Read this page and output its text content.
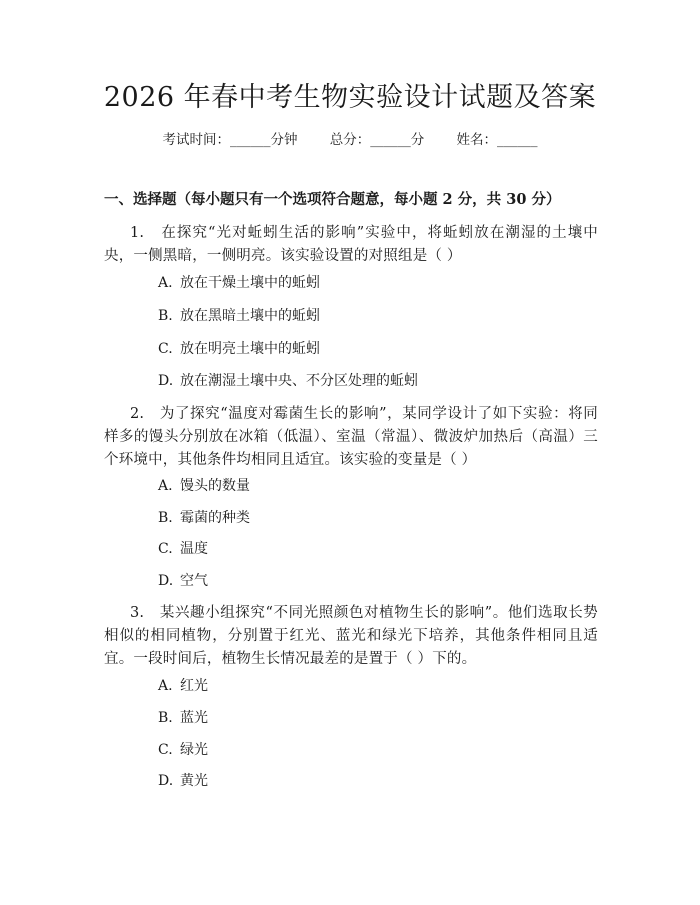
2026 年春中考生物实验设计试题及答案
考试时间：______分钟 总分：______分 姓名：______
一、选择题（每小题只有一个选项符合题意，每小题 2 分，共 30 分）
1. 在探究“光对蚯蚓生活的影响”实验中，将蚯蚓放在潮湿的土壤中央，一侧黑暗，一侧明亮。该实验设置的对照组是（ ）
A. 放在干燥土壤中的蚯蚓
B. 放在黑暗土壤中的蚯蚓
C. 放在明亮土壤中的蚯蚓
D. 放在潮湿土壤中央、不分区处理的蚯蚓
2. 为了探究“温度对霉菌生长的影响”，某同学设计了如下实验：将同样多的馒头分别放在冰箱（低温）、室温（常温）、微波炉加热后（高温）三个环境中，其他条件均相同且适宜。该实验的变量是（ ）
A. 馒头的数量
B. 霉菌的种类
C. 温度
D. 空气
3. 某兴趣小组探究“不同光照颜色对植物生长的影响”。他们选取长势相似的相同植物，分别置于红光、蓝光和绿光下培养，其他条件相同且适宜。一段时间后，植物生长情况最差的是置于（ ）下的。
A. 红光
B. 蓝光
C. 绿光
D. 黄光
